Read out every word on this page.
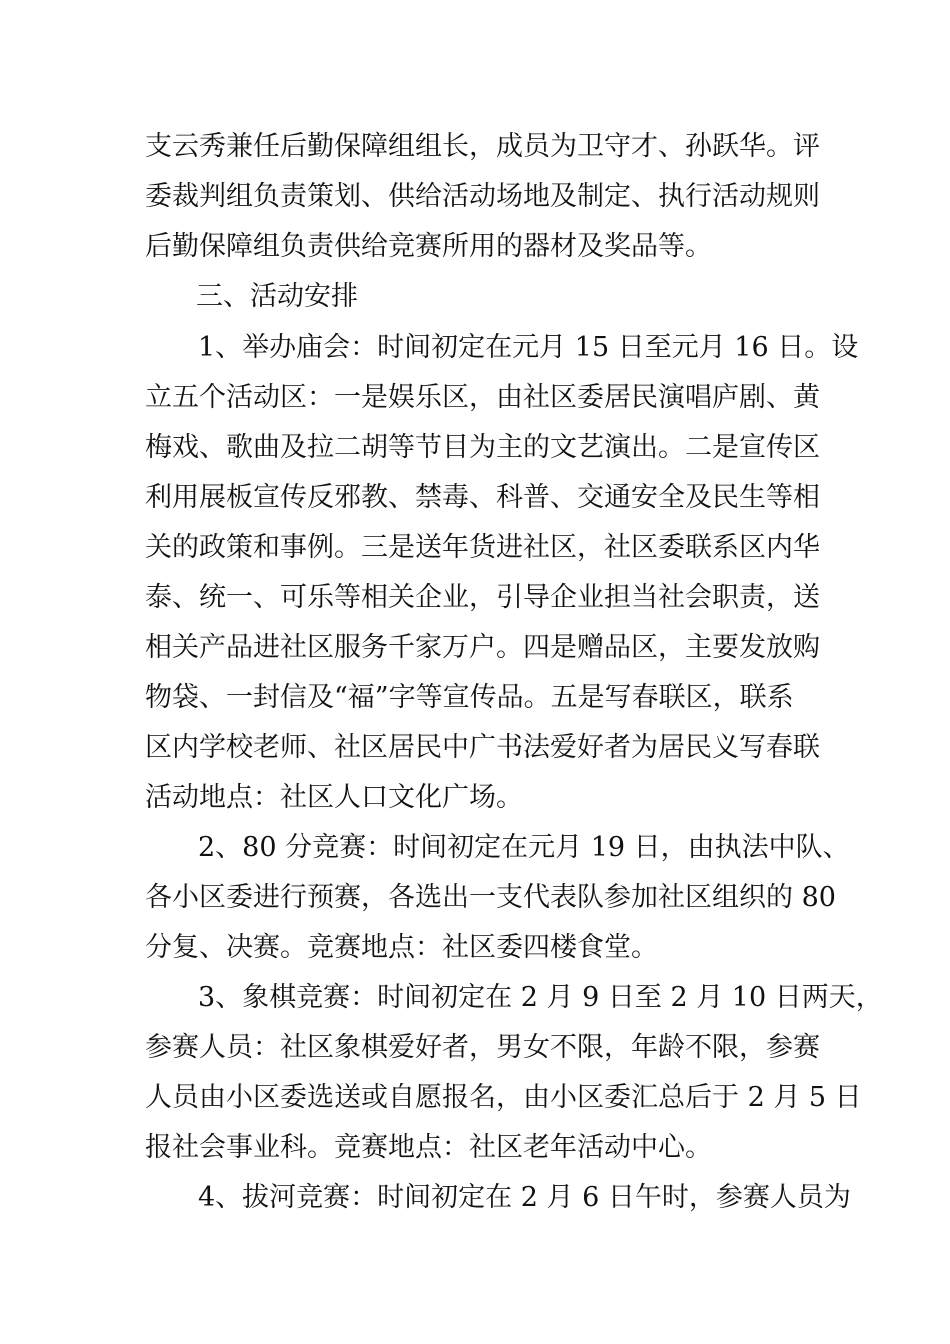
支云秀兼任后勤保障组组长，成员为卫守才、孙跃华。评
委裁判组负责策划、供给活动场地及制定、执行活动规则
后勤保障组负责供给竞赛所用的器材及奖品等。
三、活动安排
1、举办庙会：时间初定在元月 15 日至元月 16 日。设
立五个活动区：一是娱乐区，由社区委居民演唱庐剧、黄
梅戏、歌曲及拉二胡等节目为主的文艺演出。二是宣传区
利用展板宣传反邪教、禁毒、科普、交通安全及民生等相
关的政策和事例。三是送年货进社区，社区委联系区内华
泰、统一、可乐等相关企业，引导企业担当社会职责，送
相关产品进社区服务千家万户。四是赠品区，主要发放购
物袋、一封信及“福”字等宣传品。五是写春联区，联系
区内学校老师、社区居民中广书法爱好者为居民义写春联
活动地点：社区人口文化广场。
2、80 分竞赛：时间初定在元月 19 日，由执法中队、
各小区委进行预赛，各选出一支代表队参加社区组织的 80
分复、决赛。竞赛地点：社区委四楼食堂。
3、象棋竞赛：时间初定在 2 月 9 日至 2 月 10 日两天，
参赛人员：社区象棋爱好者，男女不限，年龄不限，参赛
人员由小区委选送或自愿报名，由小区委汇总后于 2 月 5 日
报社会事业科。竞赛地点：社区老年活动中心。
4、拔河竞赛：时间初定在 2 月 6 日午时，参赛人员为
